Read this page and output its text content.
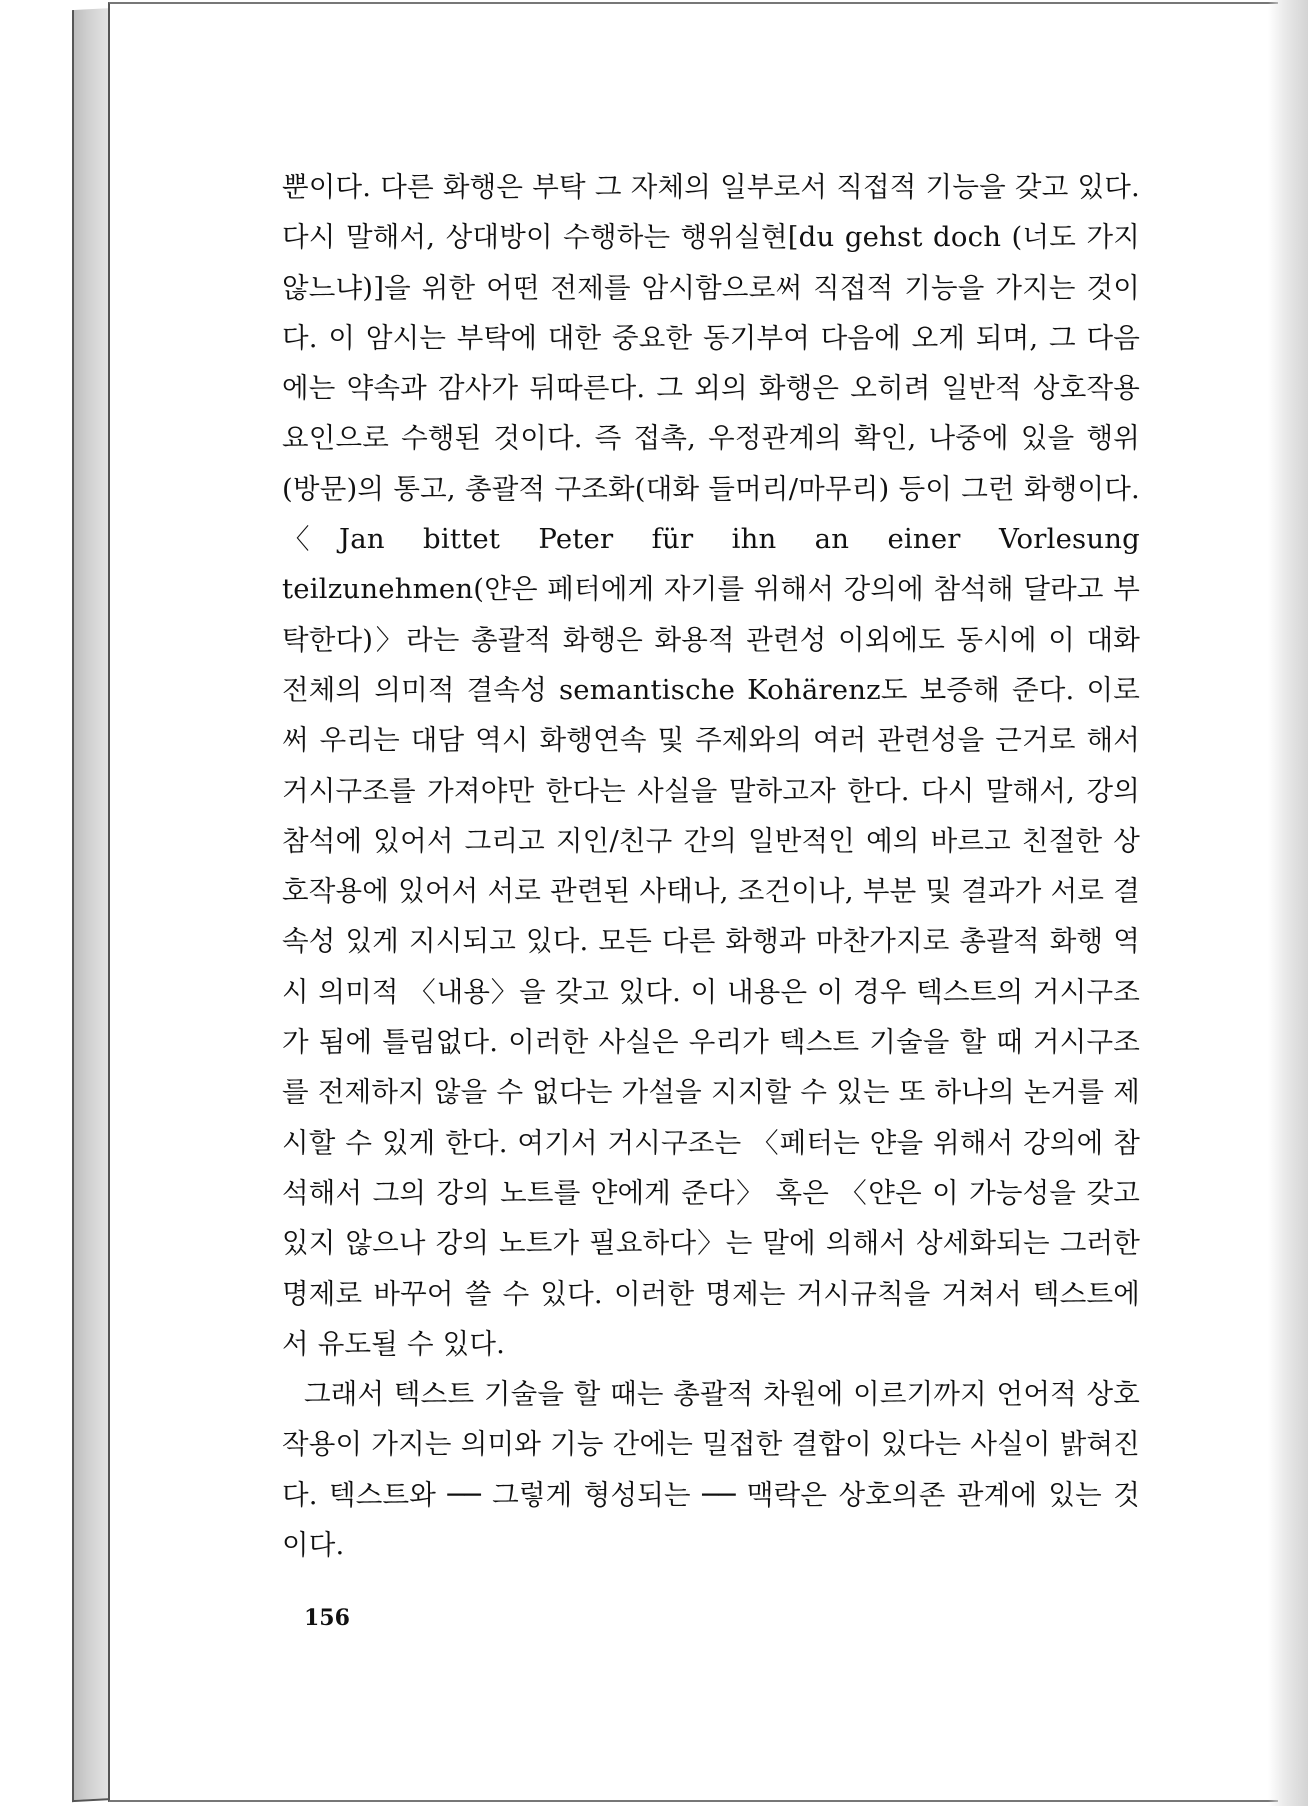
뿐이다. 다른 화행은 부탁 그 자체의 일부로서 직접적 기능을 갖고 있다. 다시 말해서, 상대방이 수행하는 행위실현[du gehst doch (너도 가지 않느냐)]을 위한 어떤 전제를 암시함으로써 직접적 기능을 가지는 것이다. 이 암시는 부탁에 대한 중요한 동기부여 다음에 오게 되며, 그 다음에는 약속과 감사가 뒤따른다. 그 외의 화행은 오히려 일반적 상호작용 요인으로 수행된 것이다. 즉 접촉, 우정관계의 확인, 나중에 있을 행위(방문)의 통고, 총괄적 구조화(대화 들머리/마무리) 등이 그런 화행이다. 〈Jan bittet Peter für ihn an einer Vorlesung teilzunehmen(얀은 페터에게 자기를 위해서 강의에 참석해 달라고 부탁한다)〉라는 총괄적 화행은 화용적 관련성 이외에도 동시에 이 대화 전체의 의미적 결속성 semantische Kohärenz도 보증해 준다. 이로써 우리는 대담 역시 화행연속 및 주제와의 여러 관련성을 근거로 해서 거시구조를 가져야만 한다는 사실을 말하고자 한다. 다시 말해서, 강의참석에 있어서 그리고 지인/친구 간의 일반적인 예의 바르고 친절한 상호작용에 있어서 서로 관련된 사태나, 조건이나, 부분 및 결과가 서로 결속성 있게 지시되고 있다. 모든 다른 화행과 마찬가지로 총괄적 화행 역시 의미적 〈내용〉을 갖고 있다. 이 내용은 이 경우 텍스트의 거시구조가 됨에 틀림없다. 이러한 사실은 우리가 텍스트 기술을 할 때 거시구조를 전제하지 않을 수 없다는 가설을 지지할 수 있는 또 하나의 논거를 제시할 수 있게 한다. 여기서 거시구조는 〈페터는 얀을 위해서 강의에 참석해서 그의 강의 노트를 얀에게 준다〉 혹은 〈얀은 이 가능성을 갖고 있지 않으나 강의 노트가 필요하다〉는 말에 의해서 상세화되는 그러한 명제로 바꾸어 쓸 수 있다. 이러한 명제는 거시규칙을 거쳐서 텍스트에서 유도될 수 있다.

그래서 텍스트 기술을 할 때는 총괄적 차원에 이르기까지 언어적 상호작용이 가지는 의미와 기능 간에는 밀접한 결합이 있다는 사실이 밝혀진다. 텍스트와 ── 그렇게 형성되는 ── 맥락은 상호의존 관계에 있는 것이다.

156
